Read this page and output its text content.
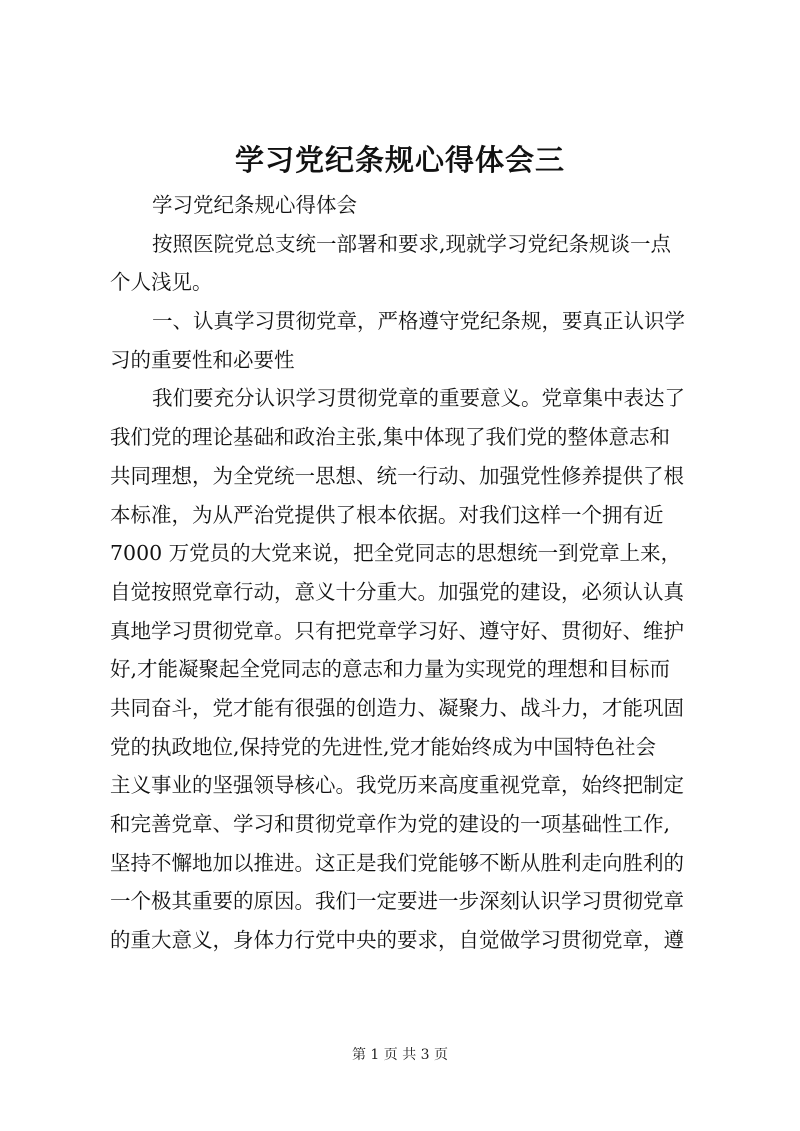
学习党纪条规心得体会三
学习党纪条规心得体会
按照医院党总支统一部署和要求,现就学习党纪条规谈一点
个人浅见。
一、认真学习贯彻党章，严格遵守党纪条规，要真正认识学
习的重要性和必要性
我们要充分认识学习贯彻党章的重要意义。党章集中表达了
我们党的理论基础和政治主张,集中体现了我们党的整体意志和
共同理想，为全党统一思想、统一行动、加强党性修养提供了根
本标准，为从严治党提供了根本依据。对我们这样一个拥有近
7000 万党员的大党来说，把全党同志的思想统一到党章上来，
自觉按照党章行动，意义十分重大。加强党的建设，必须认认真
真地学习贯彻党章。只有把党章学习好、遵守好、贯彻好、维护
好,才能凝聚起全党同志的意志和力量为实现党的理想和目标而
共同奋斗，党才能有很强的创造力、凝聚力、战斗力，才能巩固
党的执政地位,保持党的先进性,党才能始终成为中国特色社会
主义事业的坚强领导核心。我党历来高度重视党章，始终把制定
和完善党章、学习和贯彻党章作为党的建设的一项基础性工作,
坚持不懈地加以推进。这正是我们党能够不断从胜利走向胜利的
一个极其重要的原因。我们一定要进一步深刻认识学习贯彻党章
的重大意义，身体力行党中央的要求，自觉做学习贯彻党章，遵
第 1 页 共 3 页
